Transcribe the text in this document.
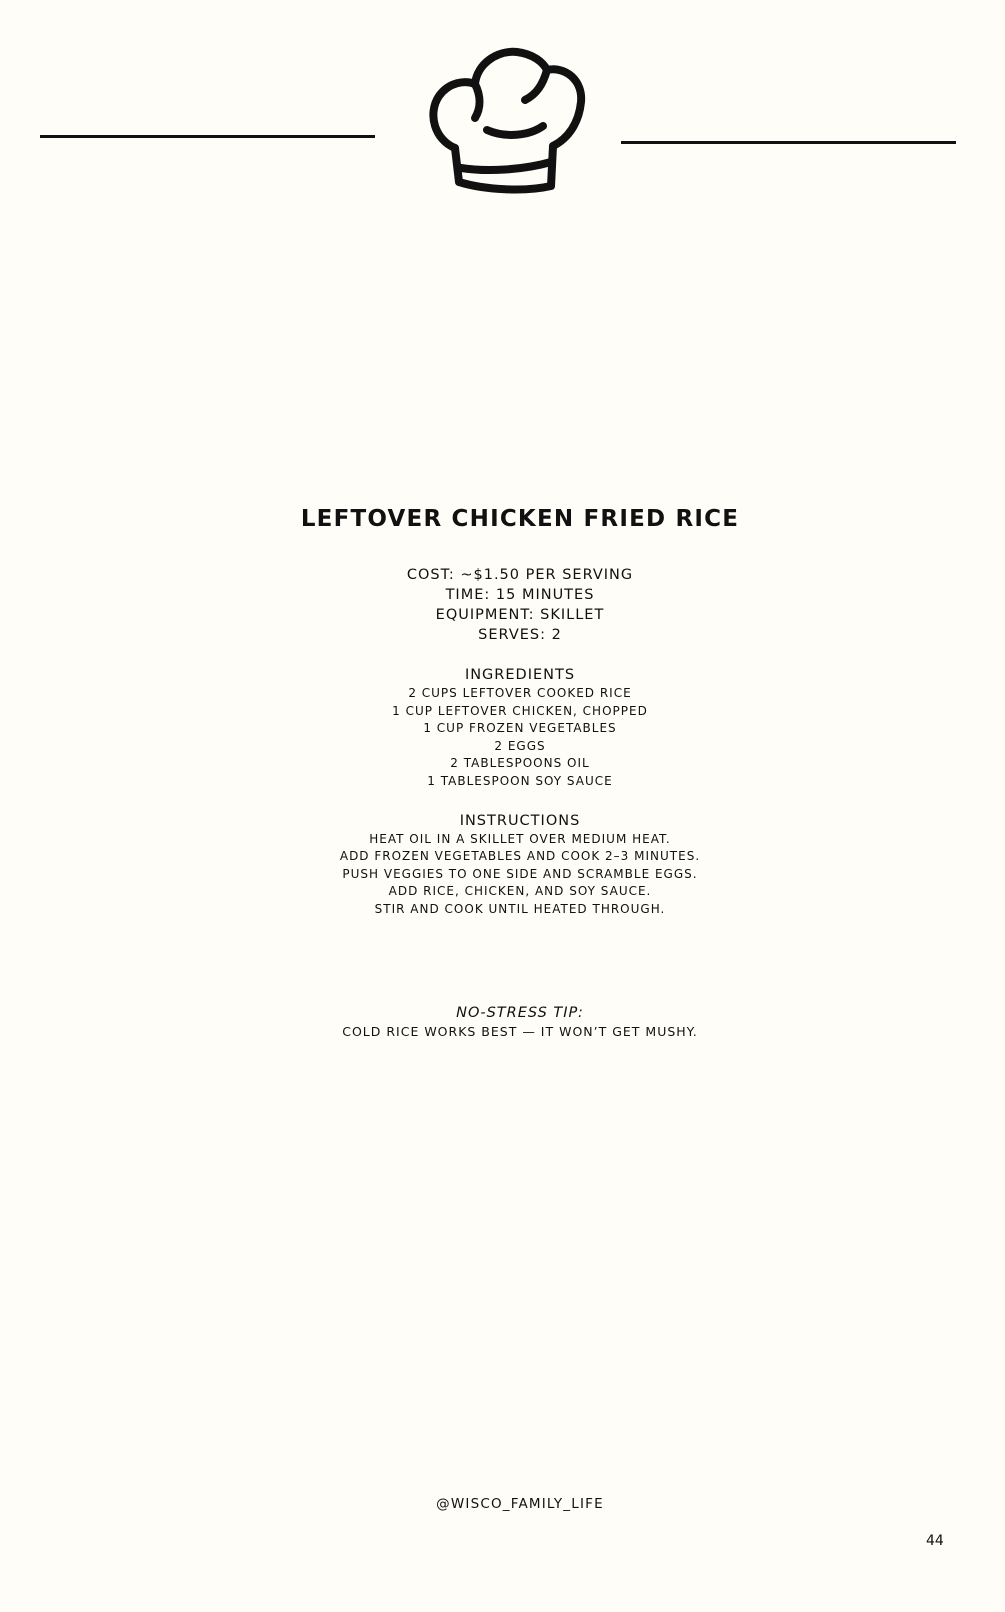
LEFTOVER CHICKEN FRIED RICE
COST: ~$1.50 PER SERVING
TIME: 15 MINUTES
EQUIPMENT: SKILLET
SERVES: 2
INGREDIENTS
2 CUPS LEFTOVER COOKED RICE
1 CUP LEFTOVER CHICKEN, CHOPPED
1 CUP FROZEN VEGETABLES
2 EGGS
2 TABLESPOONS OIL
1 TABLESPOON SOY SAUCE
INSTRUCTIONS
HEAT OIL IN A SKILLET OVER MEDIUM HEAT.
ADD FROZEN VEGETABLES AND COOK 2–3 MINUTES.
PUSH VEGGIES TO ONE SIDE AND SCRAMBLE EGGS.
ADD RICE, CHICKEN, AND SOY SAUCE.
STIR AND COOK UNTIL HEATED THROUGH.
NO-STRESS TIP:
COLD RICE WORKS BEST — IT WON’T GET MUSHY.
@WISCO_FAMILY_LIFE
44
